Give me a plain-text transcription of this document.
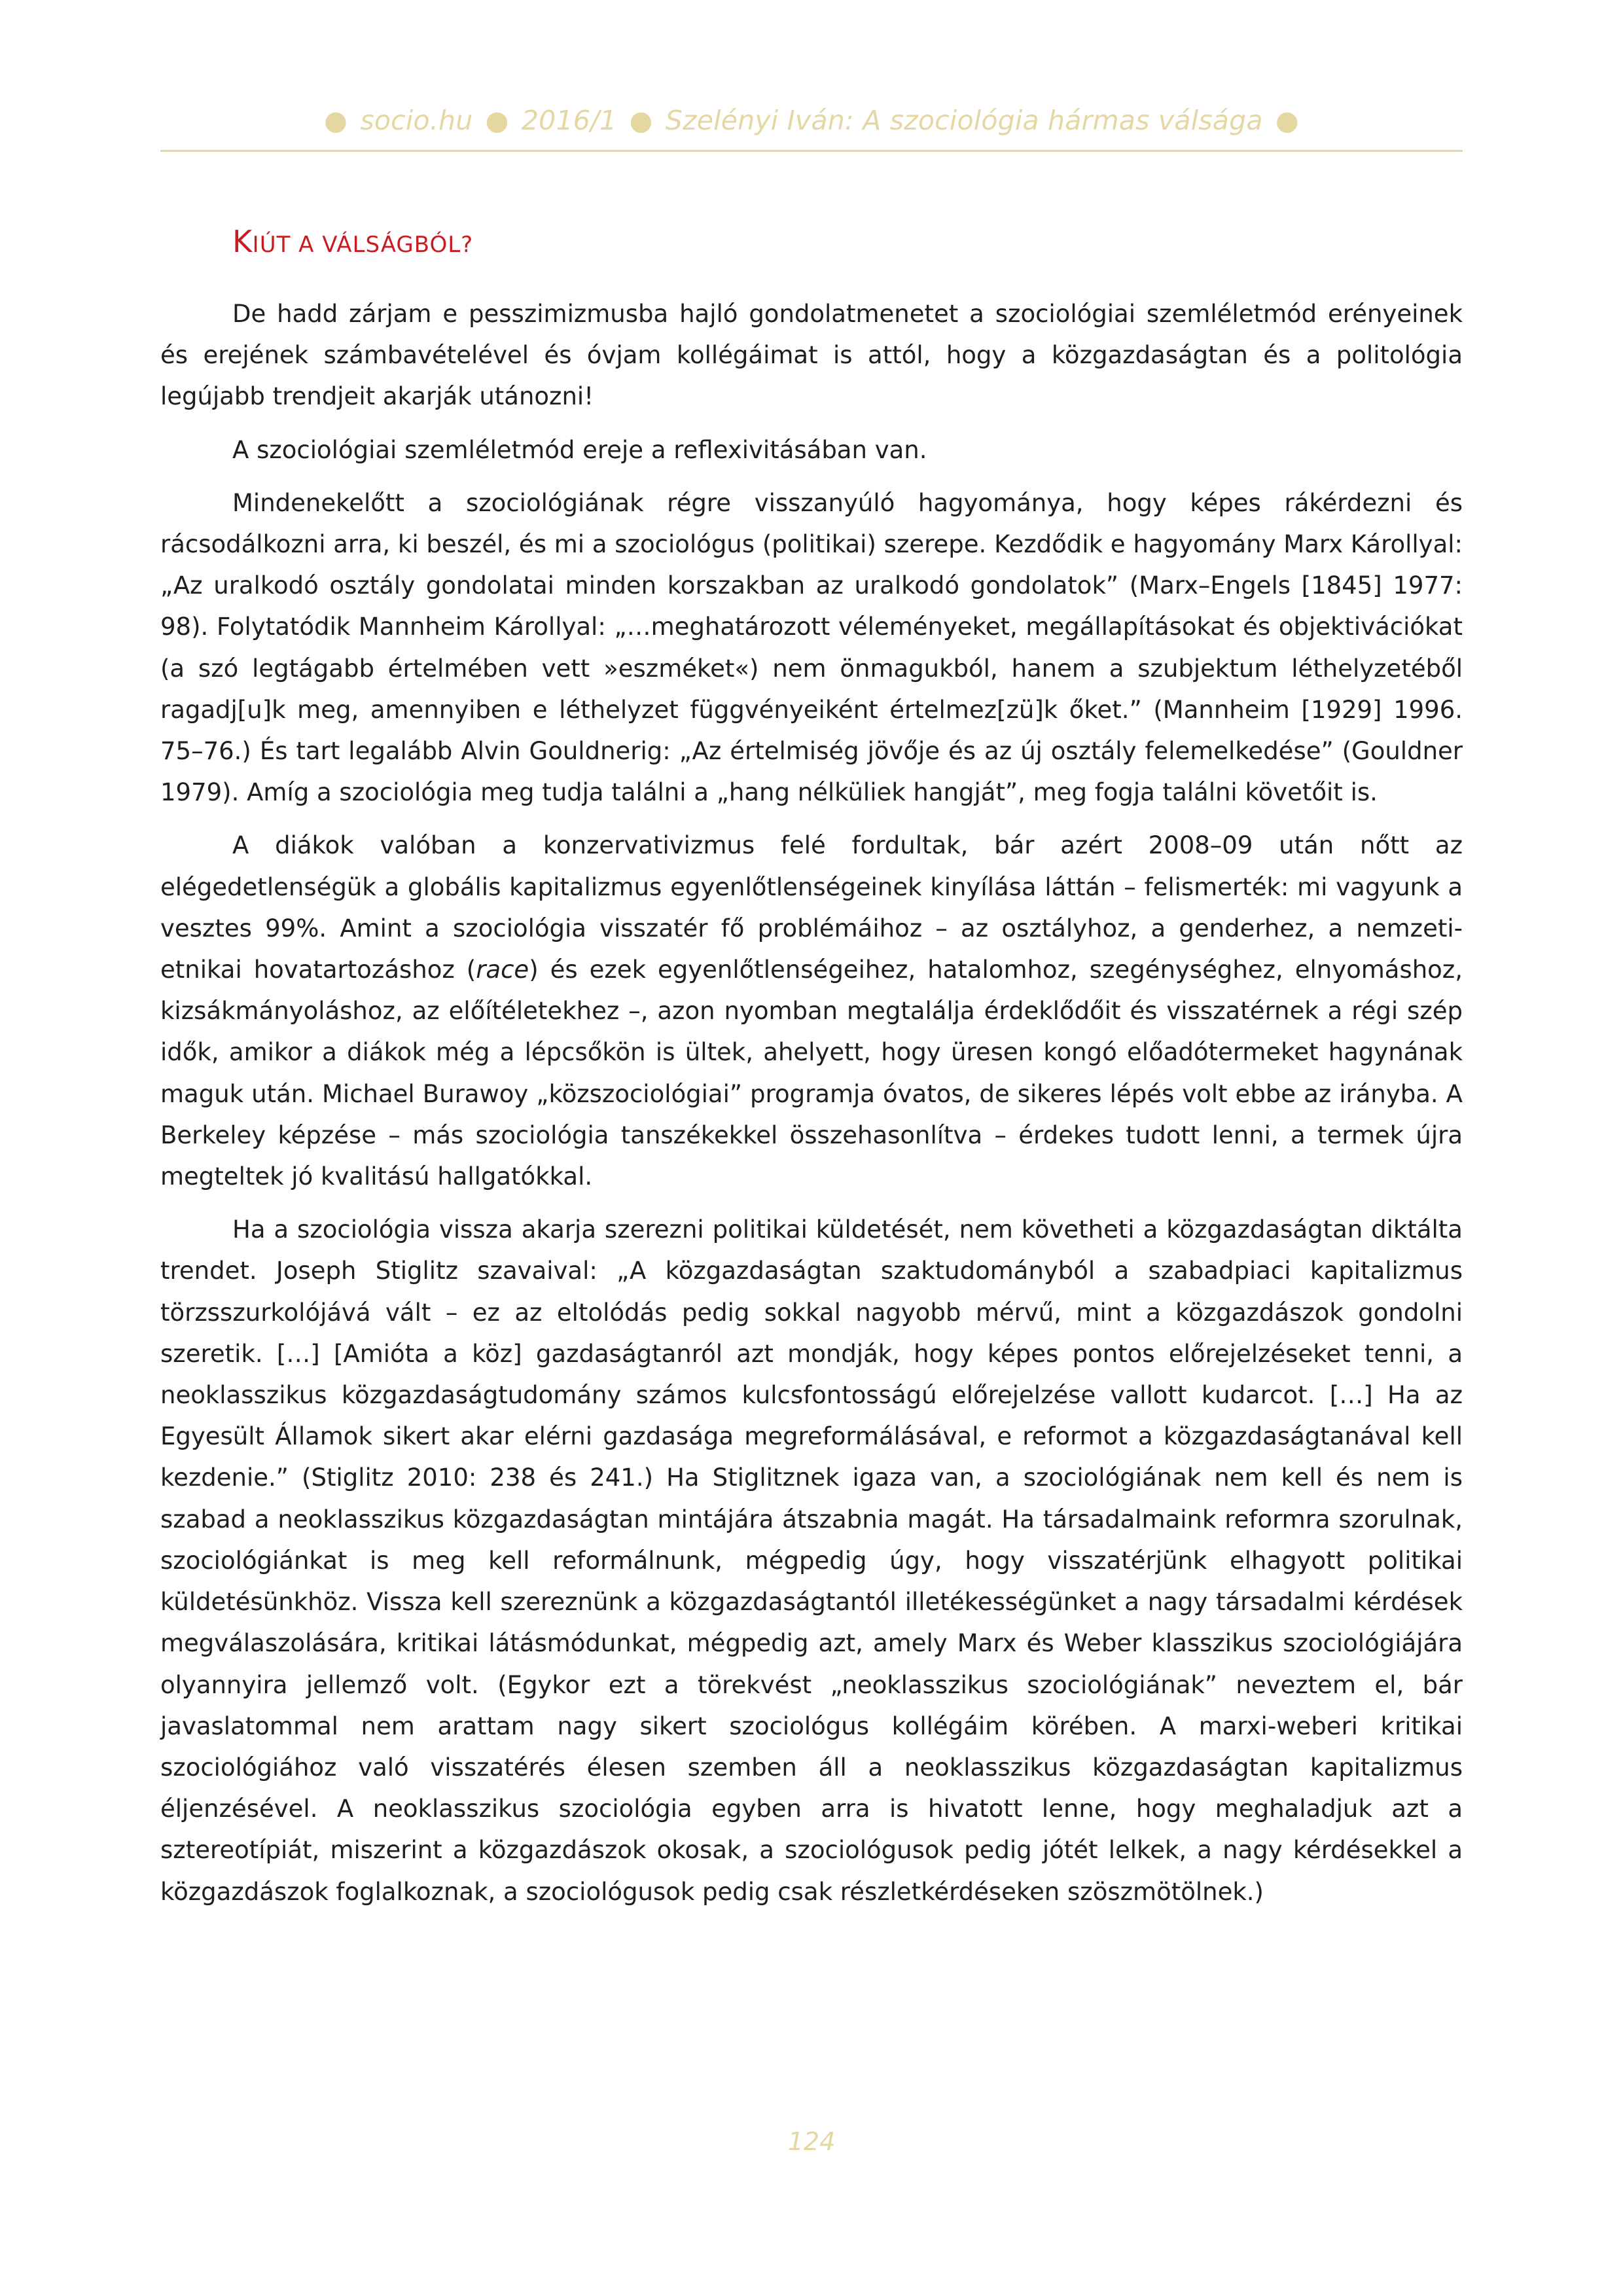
● socio.hu ● 2016/1 ● Szelényi Iván: A szociológia hármas válsága ●
KIÚT A VÁLSÁGBÓL?

De hadd zárjam e pesszimizmusba hajló gondolatmenetet a szociológiai szemléletmód erényeinek és erejének számbavételével és óvjam kollégáimat is attól, hogy a közgazdaságtan és a politológia legújabb trendjeit akarják utánozni!

A szociológiai szemléletmód ereje a reflexivitásában van.

Mindenekelőtt a szociológiának régre visszanyúló hagyománya, hogy képes rákérdezni és rácsodálkozni arra, ki beszél, és mi a szociológus (politikai) szerepe. Kezdődik e hagyomány Marx Károllyal: „Az uralkodó osztály gondolatai minden korszakban az uralkodó gondolatok” (Marx–Engels [1845] 1977: 98). Folytatódik Mannheim Károllyal: „…meghatározott véleményeket, megállapításokat és objektivációkat (a szó legtágabb értelmében vett »eszméket«) nem önmagukból, hanem a szubjektum léthelyzetéből ragadj[u]k meg, amennyiben e léthelyzet függvényeiként értelmez[zü]k őket.” (Mannheim [1929] 1996. 75–76.) És tart legalább Alvin Gouldnerig: „Az értelmiség jövője és az új osztály felemelkedése” (Gouldner 1979). Amíg a szociológia meg tudja találni a „hang nélküliek hangját”, meg fogja találni követőit is.

A diákok valóban a konzervativizmus felé fordultak, bár azért 2008–09 után nőtt az elégedetlenségük a globális kapitalizmus egyenlőtlenségeinek kinyílása láttán – felismerték: mi vagyunk a vesztes 99%. Amint a szociológia visszatér fő problémáihoz – az osztályhoz, a genderhez, a nemzeti-etnikai hovatartozáshoz (race) és ezek egyenlőtlenségeihez, hatalomhoz, szegénységhez, elnyomáshoz, kizsákmányoláshoz, az előítéletekhez –, azon nyomban megtalálja érdeklődőit és visszatérnek a régi szép idők, amikor a diákok még a lépcsőkön is ültek, ahelyett, hogy üresen kongó előadótermeket hagynának maguk után. Michael Burawoy „közszociológiai” programja óvatos, de sikeres lépés volt ebbe az irányba. A Berkeley képzése – más szociológia tanszékekkel összehasonlítva – érdekes tudott lenni, a termek újra megteltek jó kvalitású hallgatókkal.

Ha a szociológia vissza akarja szerezni politikai küldetését, nem követheti a közgazdaságtan diktálta trendet. Joseph Stiglitz szavaival: „A közgazdaságtan szaktudományból a szabadpiaci kapitalizmus törzsszurkolójává vált – ez az eltolódás pedig sokkal nagyobb mérvű, mint a közgazdászok gondolni szeretik. […] [Amióta a köz] gazdaságtanról azt mondják, hogy képes pontos előrejelzéseket tenni, a neoklasszikus közgazdaságtudomány számos kulcsfontosságú előrejelzése vallott kudarcot. […] Ha az Egyesült Államok sikert akar elérni gazdasága megreformálásával, e reformot a közgazdaságtanával kell kezdenie.” (Stiglitz 2010: 238 és 241.) Ha Stiglitznek igaza van, a szociológiának nem kell és nem is szabad a neoklasszikus közgazdaságtan mintájára átszabnia magát. Ha társadalmaink reformra szorulnak, szociológiánkat is meg kell reformálnunk, mégpedig úgy, hogy visszatérjünk elhagyott politikai küldetésünkhöz. Vissza kell szereznünk a közgazdaságtantól illetékességünket a nagy társadalmi kérdések megválaszolására, kritikai látásmódunkat, mégpedig azt, amely Marx és Weber klasszikus szociológiájára olyannyira jellemző volt. (Egykor ezt a törekvést „neoklasszikus szociológiának” neveztem el, bár javaslatommal nem arattam nagy sikert szociológus kollégáim körében. A marxi-weberi kritikai szociológiához való visszatérés élesen szemben áll a neoklasszikus közgazdaságtan kapitalizmus éljenzésével. A neoklasszikus szociológia egyben arra is hivatott lenne, hogy meghaladjuk azt a sztereotípiát, miszerint a közgazdászok okosak, a szociológusok pedig jótét lelkek, a nagy kérdésekkel a közgazdászok foglalkoznak, a szociológusok pedig csak részletkérdéseken szöszmötölnek.)

124
